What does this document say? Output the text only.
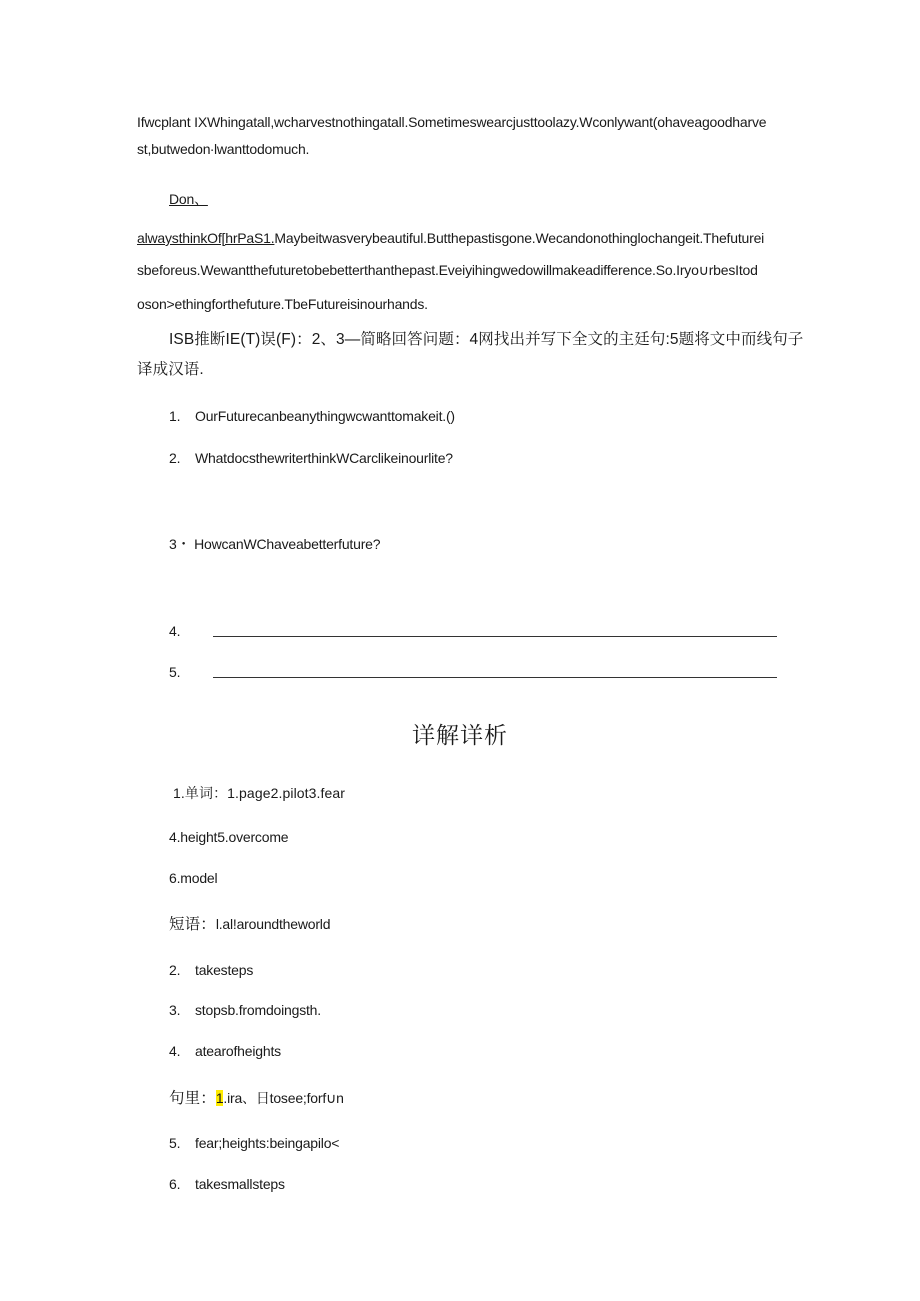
Ifwcplant IXWhingatall,wcharvestnothingatall.Sometimeswearcjusttoolazy.Wconlywant(ohaveagoodharve
st,butwedon∙lwanttodomuch.
Don、
alwaysthinkOf[hrPaS1.Maybeitwasverybeautiful.Butthepastisgone.Wecandonothinglochangeit.Thefuturei
sbeforeus.Wewantthefuturetobebetterthanthepast.Eveiyihingwedowillmakeadifference.So.Iryo∪rbesItod
oson>ethingforthefuture.TbeFutureisinourhands.
ISB推断IE(T)误(F)：2、3—简略回答问题：4网找出并写下全文的主廷句:5题将文中而线句子
译成汉语.
1. OurFuturecanbeanythingwcwanttomakeit.()
2. WhatdocsthewriterthinkWCarclikeinourlite?
3・ HowcanWChaveabetterfuture?
4.
5.
详解详析
1.单词：1.page2.pilot3.fear
4.height5.overcome
6.model
短语：l.al!aroundtheworld
2. takesteps
3. stopsb.fromdoingsth.
4. atearofheights
句里：1.ira、日tosee;forf∪n
5. fear;heights:beingapilo<
6. takesmallsteps
